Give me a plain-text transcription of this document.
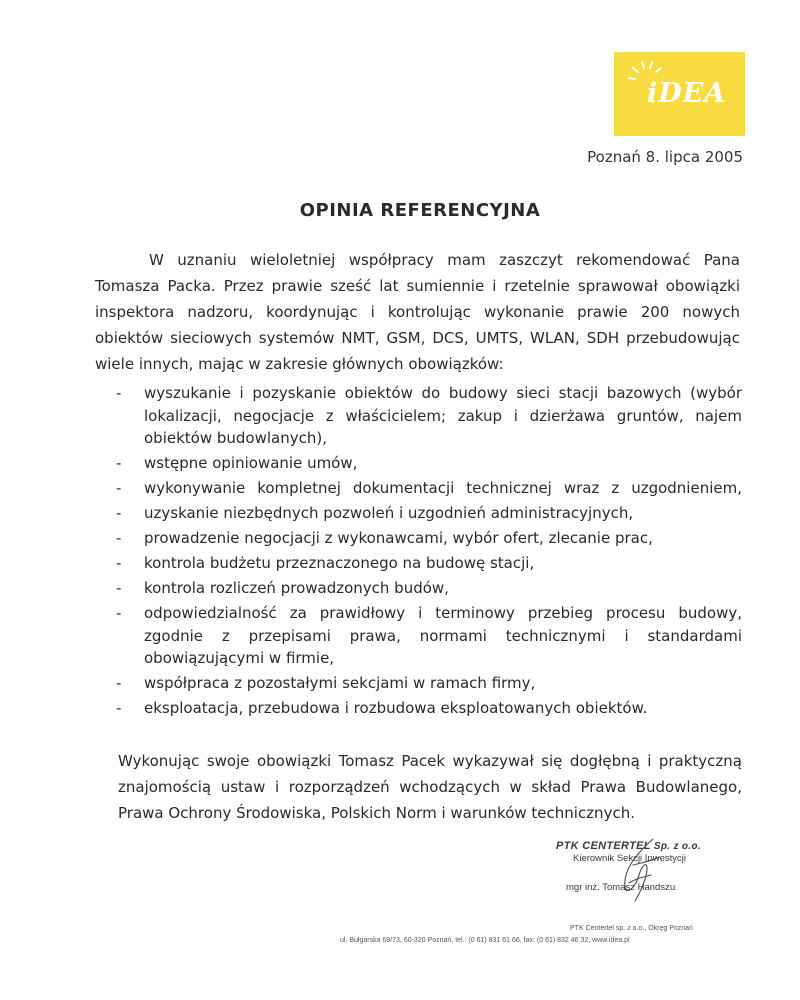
iDEA
Poznań 8. lipca 2005
OPINIA REFERENCYJNA
W uznaniu wieloletniej współpracy mam zaszczyt rekomendować Pana Tomasza Packa. Przez prawie sześć lat sumiennie i rzetelnie sprawował obowiązki inspektora nadzoru, koordynując i kontrolując wykonanie prawie 200 nowych obiektów sieciowych systemów NMT, GSM, DCS, UMTS, WLAN, SDH przebudowując wiele innych, mając w zakresie głównych obowiązków:
- wyszukanie i pozyskanie obiektów do budowy sieci stacji bazowych (wybór lokalizacji, negocjacje z właścicielem; zakup i dzierżawa gruntów, najem obiektów budowlanych),
- wstępne opiniowanie umów,
- wykonywanie kompletnej dokumentacji technicznej wraz z uzgodnieniem,
- uzyskanie niezbędnych pozwoleń i uzgodnień administracyjnych,
- prowadzenie negocjacji z wykonawcami, wybór ofert, zlecanie prac,
- kontrola budżetu przeznaczonego na budowę stacji,
- kontrola rozliczeń prowadzonych budów,
- odpowiedzialność za prawidłowy i terminowy przebieg procesu budowy, zgodnie z przepisami prawa, normami technicznymi i standardami obowiązującymi w firmie,
- współpraca z pozostałymi sekcjami w ramach firmy,
- eksploatacja, przebudowa i rozbudowa eksploatowanych obiektów.
Wykonując swoje obowiązki Tomasz Pacek wykazywał się dogłębną i praktyczną znajomością ustaw i rozporządzeń wchodzących w skład Prawa Budowlanego, Prawa Ochrony Środowiska, Polskich Norm i warunków technicznych.
PTK CENTERTEL Sp. z o.o.
Kierownik Sekcji Inwestycji
mgr inż. Tomasz Handszu
PTK Centertel sp. z o.o., Okręg Poznań
ul. Bułgarska 69/73, 60-320 Poznań, tel.: (0 61) 831 61 66, fax: (0 61) 832 46 32, www.idea.pl
